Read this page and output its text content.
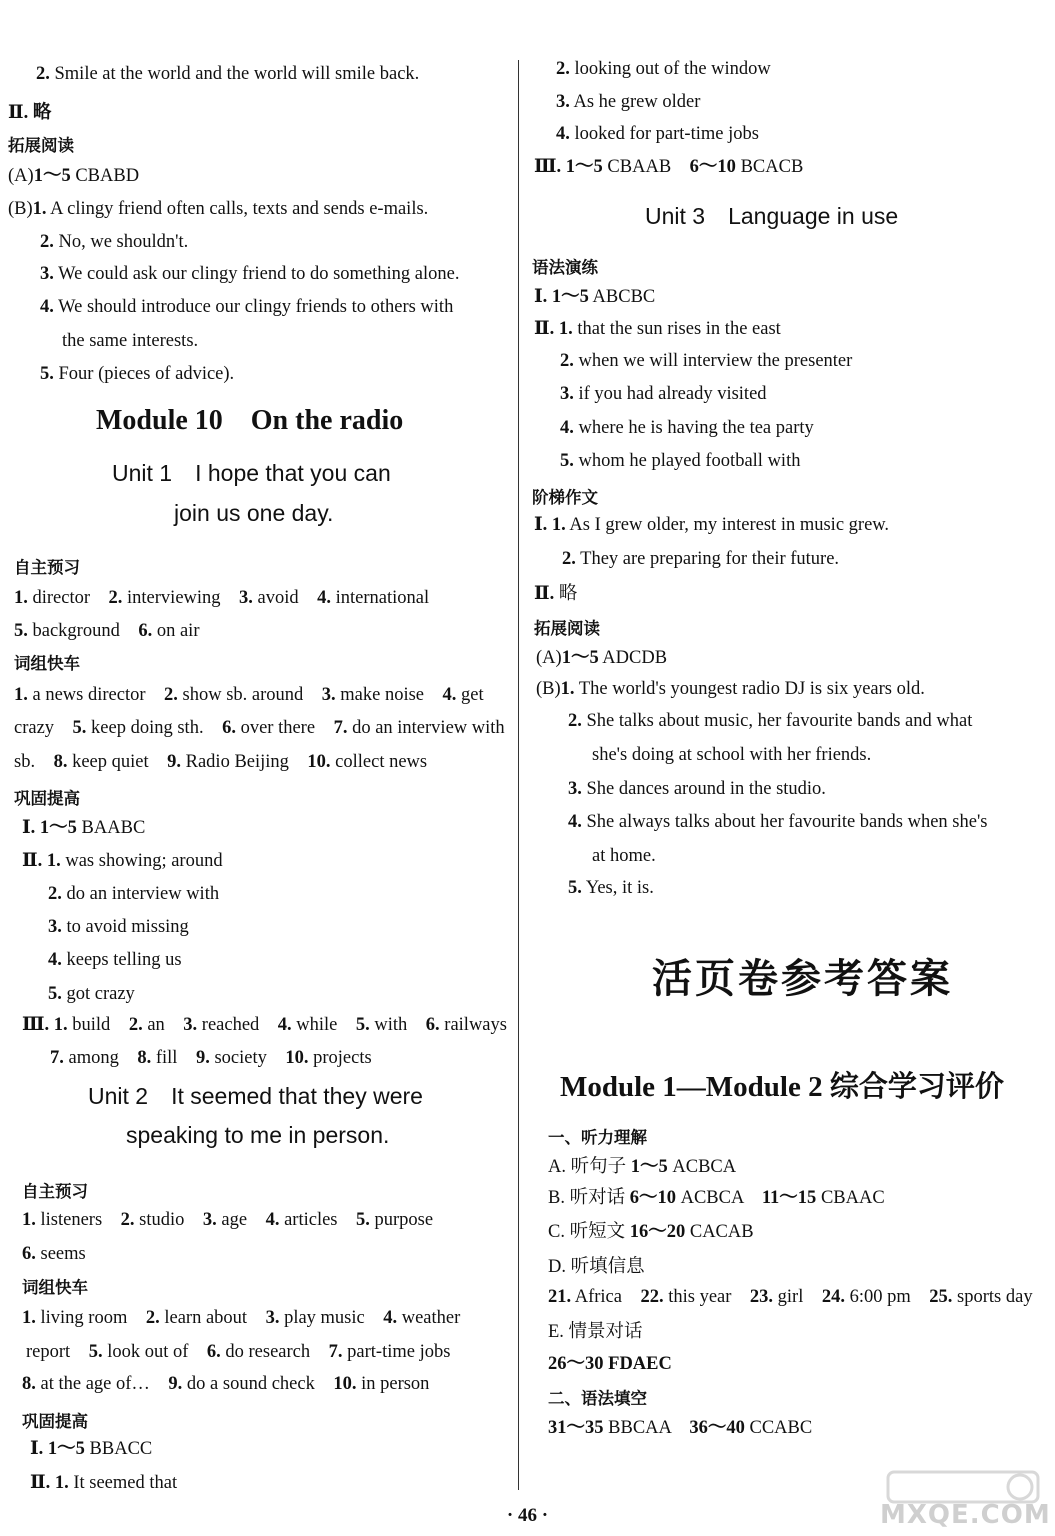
2. Smile at the world and the world will smile back.
Ⅱ. 略
拓展阅读
(A)1～5 CBABD
(B)1. A clingy friend often calls, texts and sends e-mails.
2. No, we shouldn't.
3. We could ask our clingy friend to do something alone.
4. We should introduce our clingy friends to others with
the same interests.
5. Four (pieces of advice).
Module 10　On the radio
Unit 1　I hope that you can
join us one day.
自主预习
1. director　2. interviewing　3. avoid　4. international
5. background　6. on air
词组快车
1. a news director　2. show sb. around　3. make noise　4. get
crazy　5. keep doing sth.　6. over there　7. do an interview with
sb.　8. keep quiet　9. Radio Beijing　10. collect news
巩固提高
Ⅰ. 1～5 BAABC
Ⅱ. 1. was showing; around
2. do an interview with
3. to avoid missing
4. keeps telling us
5. got crazy
Ⅲ. 1. build　2. an　3. reached　4. while　5. with　6. railways
7. among　8. fill　9. society　10. projects
Unit 2　It seemed that they were
speaking to me in person.
自主预习
1. listeners　2. studio　3. age　4. articles　5. purpose
6. seems
词组快车
1. living room　2. learn about　3. play music　4. weather
report　5. look out of　6. do research　7. part-time jobs
8. at the age of…　9. do a sound check　10. in person
巩固提高
Ⅰ. 1～5 BBACC
Ⅱ. 1. It seemed that
2. looking out of the window
3. As he grew older
4. looked for part-time jobs
Ⅲ. 1～5 CBAAB　6～10 BCACB
Unit 3　Language in use
语法演练
Ⅰ. 1～5 ABCBC
Ⅱ. 1. that the sun rises in the east
2. when we will interview the presenter
3. if you had already visited
4. where he is having the tea party
5. whom he played football with
阶梯作文
Ⅰ. 1. As I grew older, my interest in music grew.
2. They are preparing for their future.
Ⅱ. 略
拓展阅读
(A)1～5 ADCDB
(B)1. The world's youngest radio DJ is six years old.
2. She talks about music, her favourite bands and what
she's doing at school with her friends.
3. She dances around in the studio.
4. She always talks about her favourite bands when she's
at home.
5. Yes, it is.
活页卷参考答案
Module 1—Module 2 综合学习评价
一、听力理解
A. 听句子 1～5 ACBCA
B. 听对话 6～10 ACBCA　11～15 CBAAC
C. 听短文 16～20 CACAB
D. 听填信息
21. Africa　22. this year　23. girl　24. 6:00 pm　25. sports day
E. 情景对话
26～30 FDAEC
二、语法填空
31～35 BBCAA　36～40 CCABC
· 46 ·	MXQE.COM
